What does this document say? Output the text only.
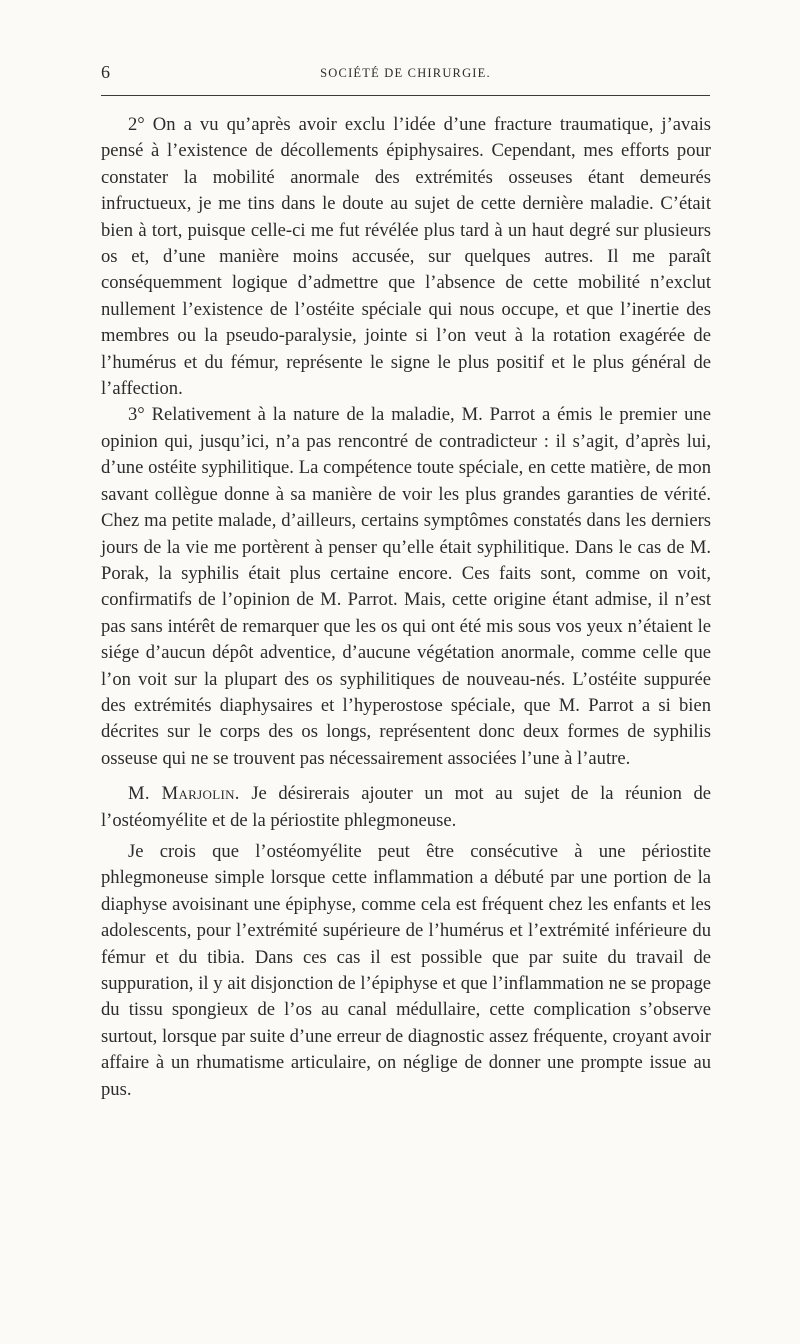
6	SOCIÉTÉ DE CHIRURGIE.

2° On a vu qu’après avoir exclu l’idée d’une fracture traumatique, j’avais pensé à l’existence de décollements épiphysaires. Cependant, mes efforts pour constater la mobilité anormale des extrémités osseuses étant demeurés infructueux, je me tins dans le doute au sujet de cette dernière maladie. C’était bien à tort, puisque celle-ci me fut révélée plus tard à un haut degré sur plusieurs os et, d’une manière moins accusée, sur quelques autres. Il me paraît conséquemment logique d’admettre que l’absence de cette mobilité n’exclut nullement l’existence de l’ostéite spéciale qui nous occupe, et que l’inertie des membres ou la pseudo-paralysie, jointe si l’on veut à la rotation exagérée de l’humérus et du fémur, représente le signe le plus positif et le plus général de l’affection.

3° Relativement à la nature de la maladie, M. Parrot a émis le premier une opinion qui, jusqu’ici, n’a pas rencontré de contradicteur : il s’agit, d’après lui, d’une ostéite syphilitique. La compétence toute spéciale, en cette matière, de mon savant collègue donne à sa manière de voir les plus grandes garanties de vérité. Chez ma petite malade, d’ailleurs, certains symptômes constatés dans les derniers jours de la vie me portèrent à penser qu’elle était syphilitique. Dans le cas de M. Porak, la syphilis était plus certaine encore. Ces faits sont, comme on voit, confirmatifs de l’opinion de M. Parrot. Mais, cette origine étant admise, il n’est pas sans intérêt de remarquer que les os qui ont été mis sous vos yeux n’étaient le siége d’aucun dépôt adventice, d’aucune végétation anormale, comme celle que l’on voit sur la plupart des os syphilitiques de nouveau-nés. L’ostéite suppurée des extrémités diaphysaires et l’hyperostose spéciale, que M. Parrot a si bien décrites sur le corps des os longs, représentent donc deux formes de syphilis osseuse qui ne se trouvent pas nécessairement associées l’une à l’autre.

M. Marjolin. Je désirerais ajouter un mot au sujet de la réunion de l’ostéomyélite et de la périostite phlegmoneuse.

Je crois que l’ostéomyélite peut être consécutive à une périostite phlegmoneuse simple lorsque cette inflammation a débuté par une portion de la diaphyse avoisinant une épiphyse, comme cela est fréquent chez les enfants et les adolescents, pour l’extrémité supérieure de l’humérus et l’extrémité inférieure du fémur et du tibia. Dans ces cas il est possible que par suite du travail de suppuration, il y ait disjonction de l’épiphyse et que l’inflammation ne se propage du tissu spongieux de l’os au canal médullaire, cette complication s’observe surtout, lorsque par suite d’une erreur de diagnostic assez fréquente, croyant avoir affaire à un rhumatisme articulaire, on néglige de donner une prompte issue au pus.
